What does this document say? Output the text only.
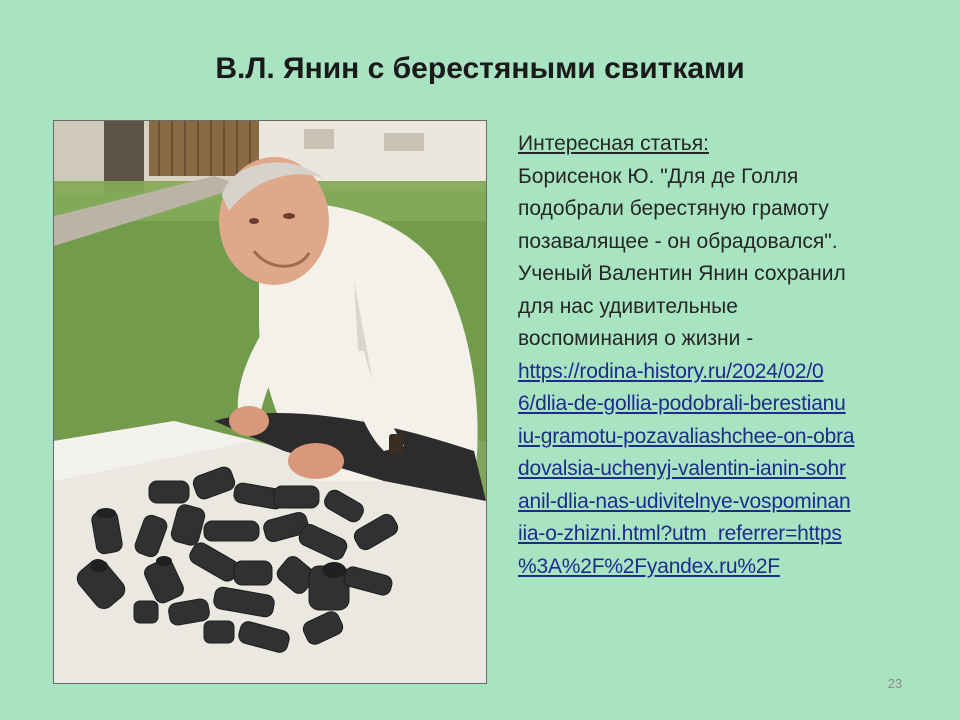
В.Л. Янин с берестяными свитками
Интересная статья:
Борисенок Ю. "Для де Голля
подобрали берестяную грамоту
позавалящее - он обрадовался".
Ученый Валентин Янин сохранил
для нас удивительные
воспоминания о жизни -
https://rodina-history.ru/2024/02/0
6/dlia-de-gollia-podobrali-berestianu
iu-gramotu-pozavaliashchee-on-obra
dovalsia-uchenyj-valentin-ianin-sohr
anil-dlia-nas-udivitelnye-vospominan
iia-o-zhizni.html?utm_referrer=https
%3A%2F%2Fyandex.ru%2F
23
